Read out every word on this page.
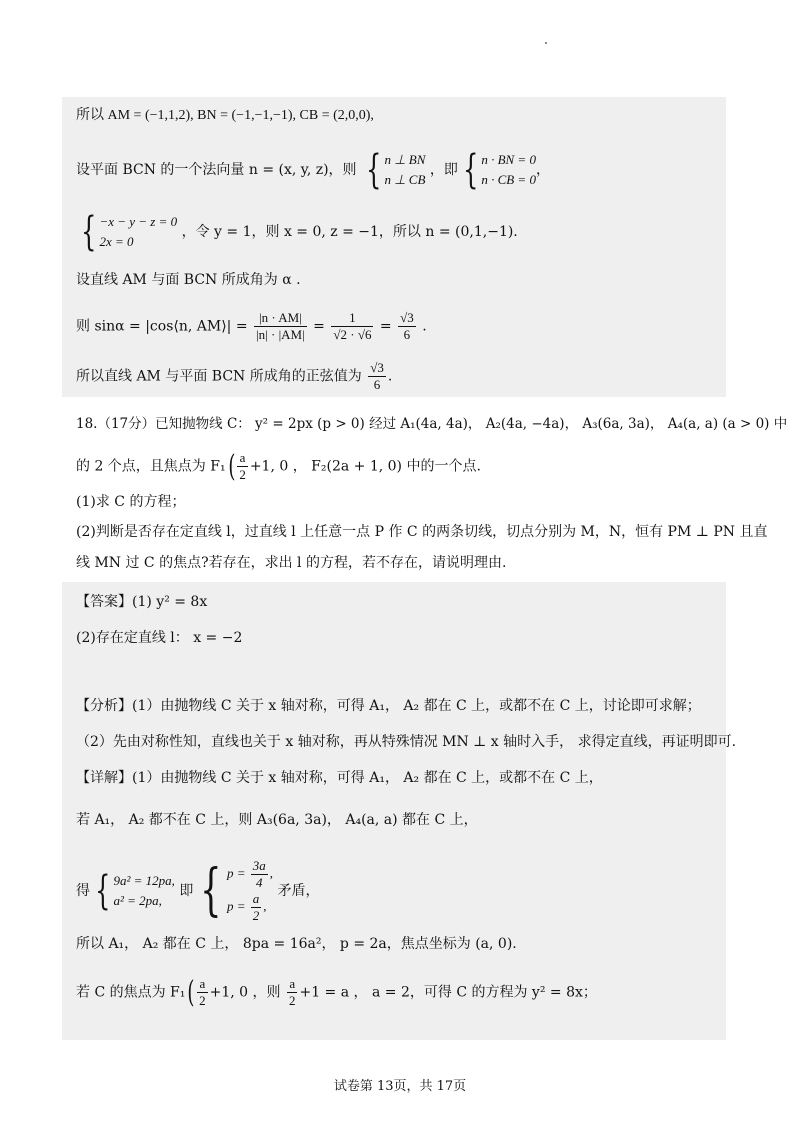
所以 AM = (−1,1,2), BN = (−1,−1,−1), CB = (2,0,0),
设平面 BCN 的一个法向量 n = (x, y, z)，则 { n ⊥ BN
n ⊥ CB
，即 { n · BN = 0
n · CB = 0
，
{ −x − y − z = 0
2x = 0
，令 y = 1，则 x = 0, z = −1，所以 n = (0,1,−1).
设直线 AM 与面 BCN 所成角为 α .
则 sinα = |cos⟨n, AM⟩| = $\frac{|n \cdot AM|}{|n| \cdot |AM|} = \frac{1}{√2 \cdot √6} = \frac{√3}{6}$ .
所以直线 AM 与平面 BCN 所成角的正弦值为 $\frac{√3}{6}$ .
18.（17分）已知抛物线 C： y² = 2px (p > 0) 经过 A₁(4a, 4a)， A₂(4a, −4a)， A₃(6a, 3a)， A₄(a, a) (a > 0) 中
的 2 个点，且焦点为 $F_1( \frac{a}{2} +1$, 0 ， F₂(2a + 1, 0) 中的一个点.
(1)求 C 的方程；
(2)判断是否存在定直线 l，过直线 l 上任意一点 P 作 C 的两条切线，切点分别为 M，N，恒有 PM ⊥ PN 且直
线 MN 过 C 的焦点?若存在，求出 l 的方程，若不存在，请说明理由.
【答案】(1) y² = 8x
(2)存在定直线 l： x = −2
【分析】(1）由抛物线 C 关于 x 轴对称，可得 A₁， A₂ 都在 C 上，或都不在 C 上，讨论即可求解；
（2）先由对称性知，直线也关于 x 轴对称，再从特殊情况 MN ⊥ x 轴时入手， 求得定直线，再证明即可.
【详解】(1）由抛物线 C 关于 x 轴对称，可得 A₁， A₂ 都在 C 上，或都不在 C 上，
若 A₁， A₂ 都不在 C 上，则 A₃(6a, 3a)， A₄(a, a) 都在 C 上，
得 { 9a² = 12pa,
a² = 2pa,
即 { $p = \frac{3a}{4}$ ,
$p = \frac{a}{2}$ ,
矛盾，
所以 A₁， A₂ 都在 C 上， 8pa = 16a²， p = 2a，焦点坐标为 (a, 0).
若 C 的焦点为 $F_1( \frac{a}{2} +1$, 0 ，则 $\frac{a}{2} +1 = a$ ， a = 2，可得 C 的方程为 y² = 8x；
试卷第 13页，共 17页
